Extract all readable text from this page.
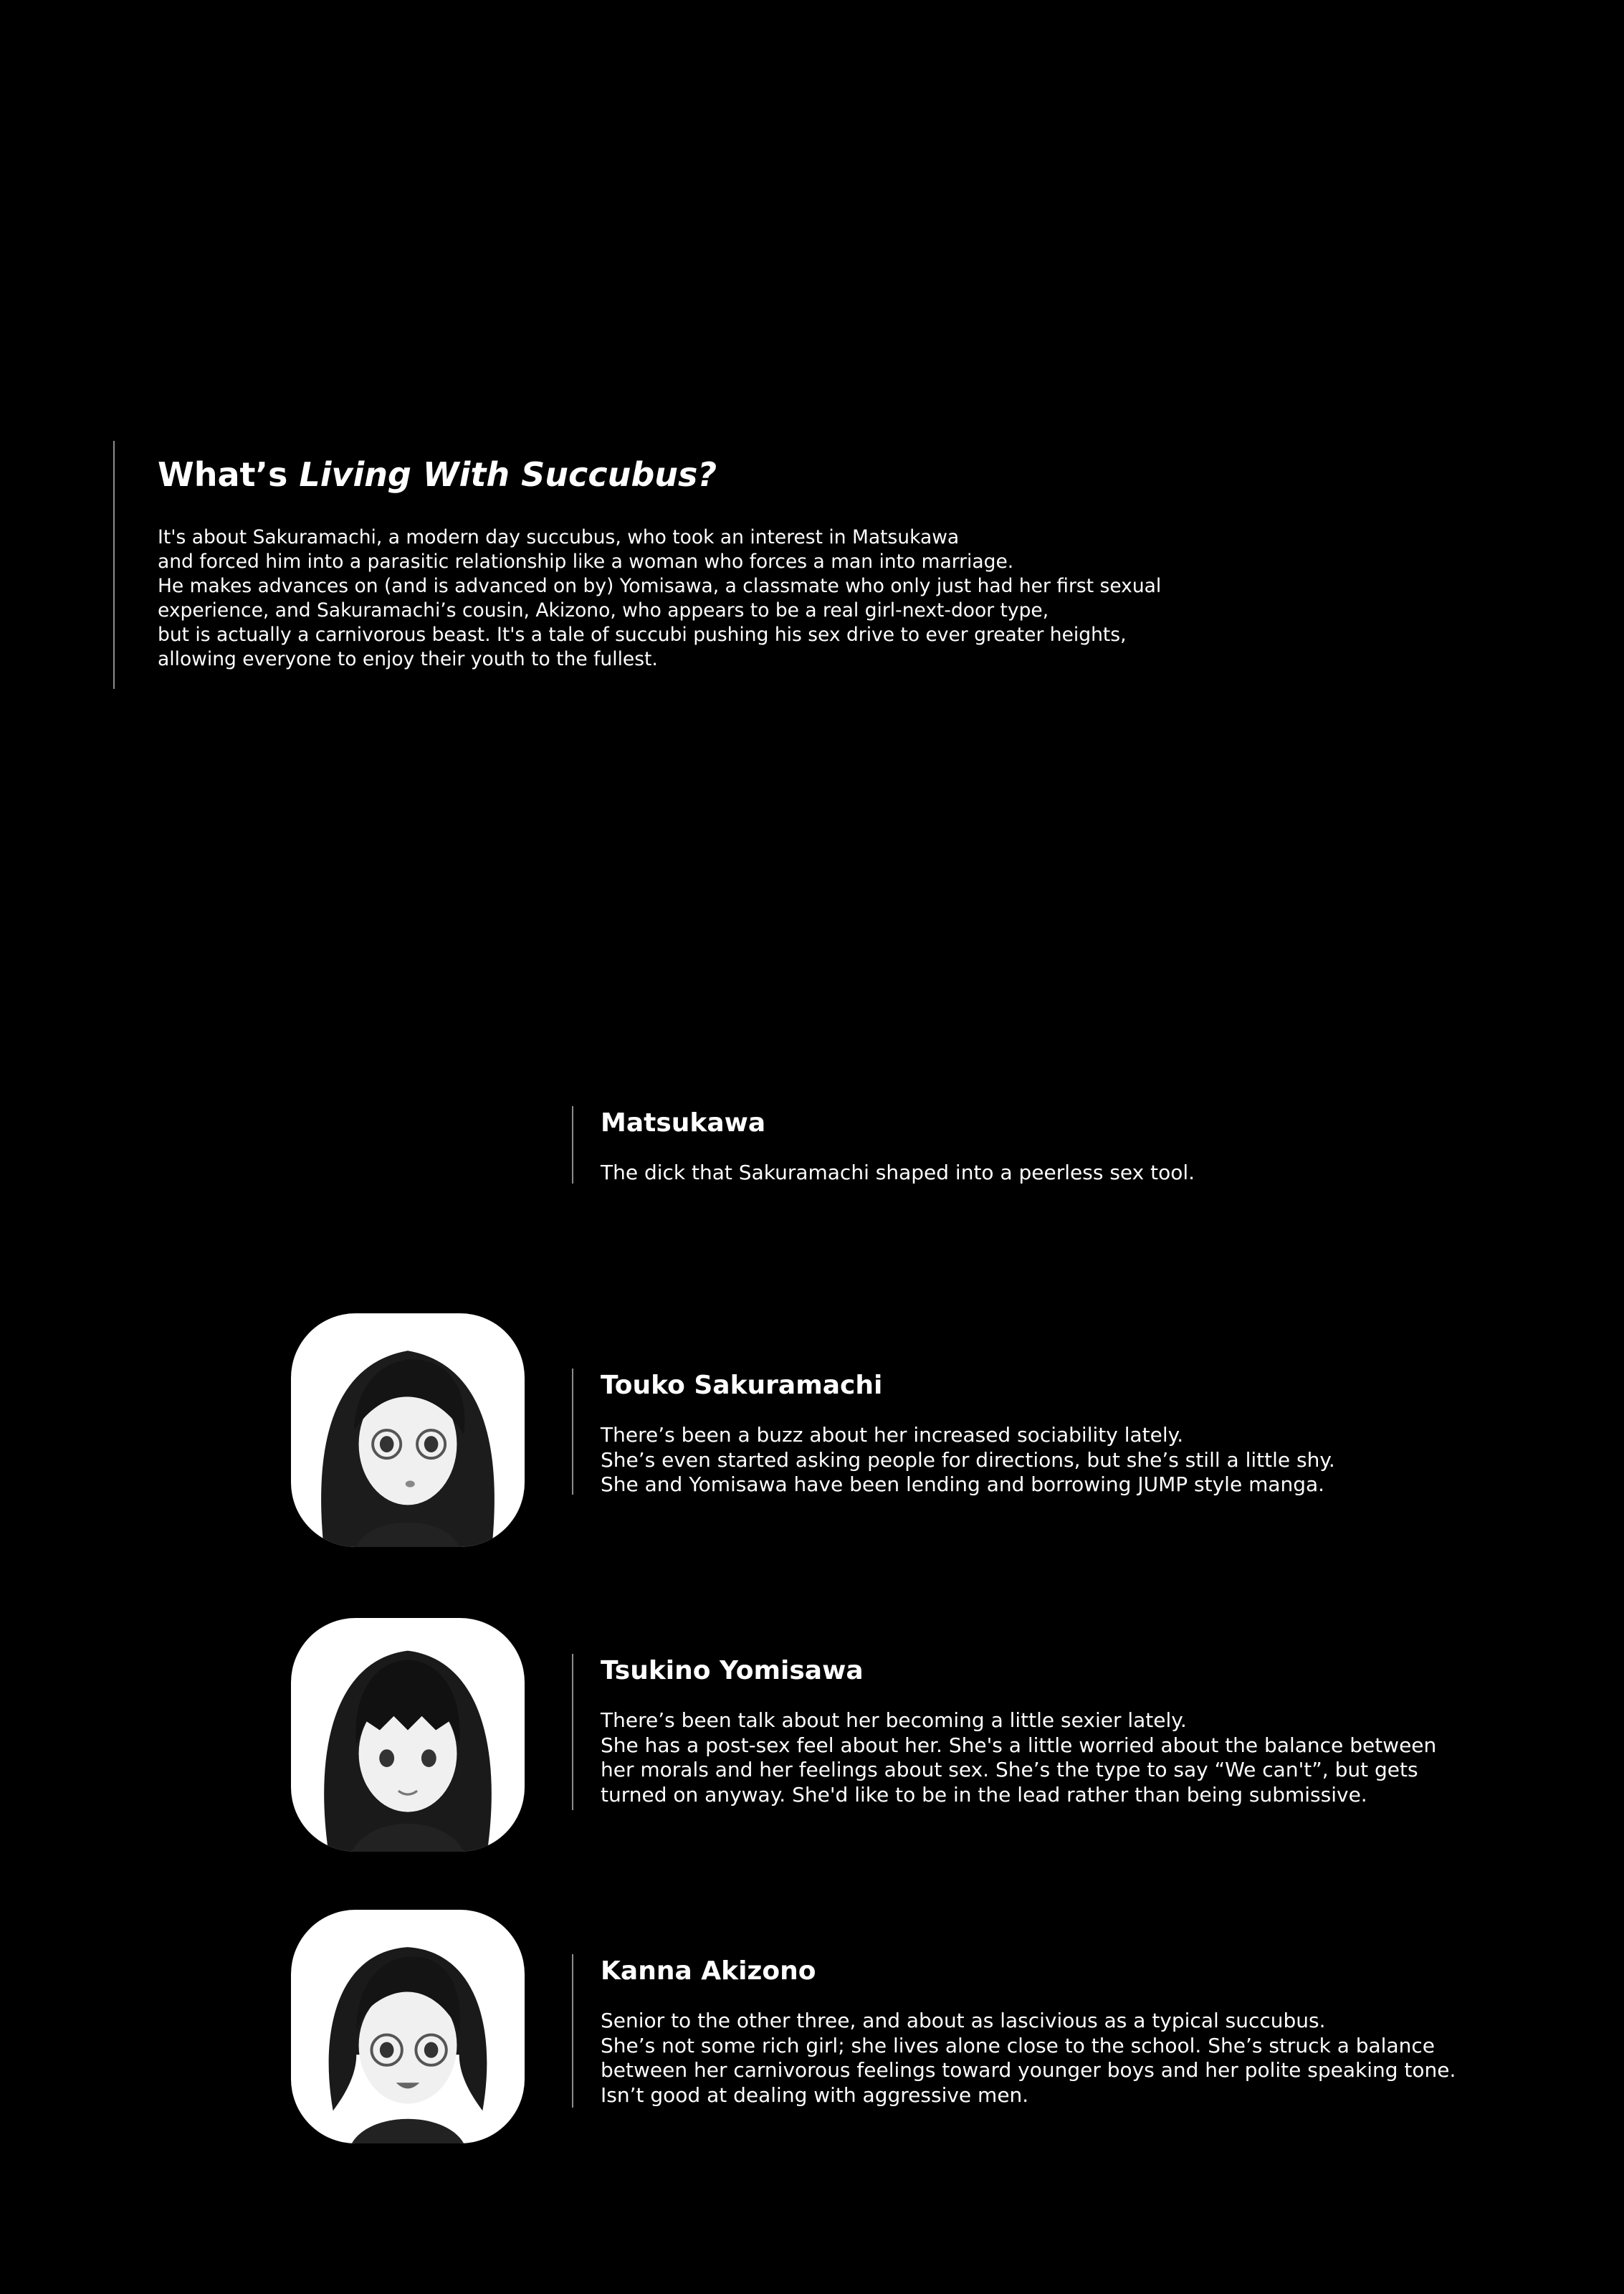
What’s Living With Succubus?
It's about Sakuramachi, a modern day succubus, who took an interest in Matsukawa
and forced him into a parasitic relationship like a woman who forces a man into marriage.
He makes advances on (and is advanced on by) Yomisawa, a classmate who only just had her first sexual
experience, and Sakuramachi’s cousin, Akizono, who appears to be a real girl-next-door type,
but is actually a carnivorous beast. It's a tale of succubi pushing his sex drive to ever greater heights,
allowing everyone to enjoy their youth to the fullest.
Matsukawa
The dick that Sakuramachi shaped into a peerless sex tool.
Touko Sakuramachi
There’s been a buzz about her increased sociability lately.
She’s even started asking people for directions, but she’s still a little shy.
She and Yomisawa have been lending and borrowing JUMP style manga.
Tsukino Yomisawa
There’s been talk about her becoming a little sexier lately.
She has a post-sex feel about her. She's a little worried about the balance between
her morals and her feelings about sex. She’s the type to say “We can't”, but gets
turned on anyway. She'd like to be in the lead rather than being submissive.
Kanna Akizono
Senior to the other three, and about as lascivious as a typical succubus.
She’s not some rich girl; she lives alone close to the school. She’s struck a balance
between her carnivorous feelings toward younger boys and her polite speaking tone.
Isn’t good at dealing with aggressive men.
